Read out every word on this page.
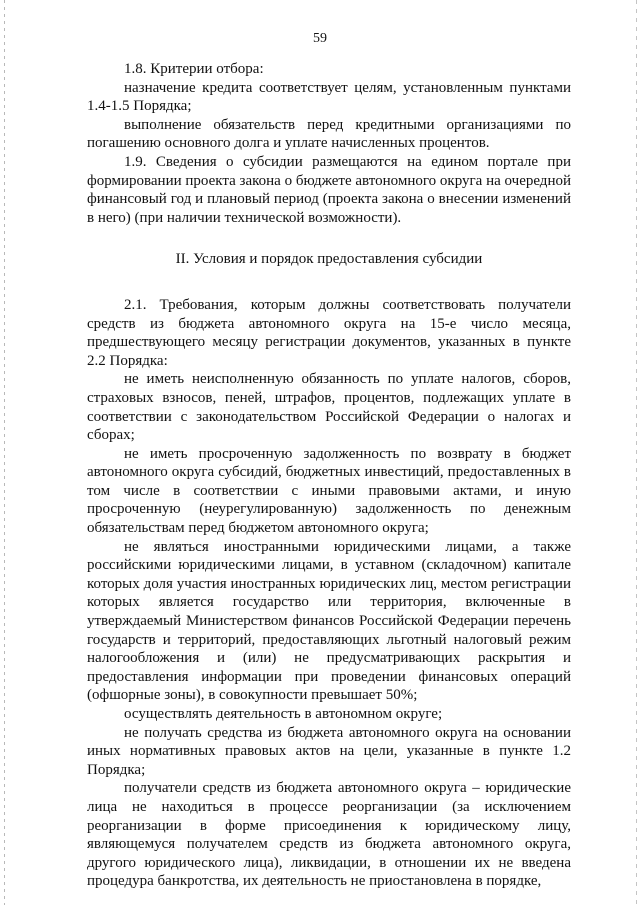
59

1.8. Критерии отбора:

назначение кредита соответствует целям, установленным пунктами 1.4-1.5 Порядка;

выполнение обязательств перед кредитными организациями по погашению основного долга и уплате начисленных процентов.

1.9. Сведения о субсидии размещаются на едином портале при формировании проекта закона о бюджете автономного округа на очередной финансовый год и плановый период (проекта закона о внесении изменений в него) (при наличии технической возможности).

II. Условия и порядок предоставления субсидии

2.1. Требования, которым должны соответствовать получатели средств из бюджета автономного округа на 15-е число месяца, предшествующего месяцу регистрации документов, указанных в пункте 2.2 Порядка:

не иметь неисполненную обязанность по уплате налогов, сборов, страховых взносов, пеней, штрафов, процентов, подлежащих уплате в соответствии с законодательством Российской Федерации о налогах и сборах;

не иметь просроченную задолженность по возврату в бюджет автономного округа субсидий, бюджетных инвестиций, предоставленных в том числе в соответствии с иными правовыми актами, и иную просроченную (неурегулированную) задолженность по денежным обязательствам перед бюджетом автономного округа;

не являться иностранными юридическими лицами, а также российскими юридическими лицами, в уставном (складочном) капитале которых доля участия иностранных юридических лиц, местом регистрации которых является государство или территория, включенные в утверждаемый Министерством финансов Российской Федерации перечень государств и территорий, предоставляющих льготный налоговый режим налогообложения и (или) не предусматривающих раскрытия и предоставления информации при проведении финансовых операций (офшорные зоны), в совокупности превышает 50%;

осуществлять деятельность в автономном округе;

не получать средства из бюджета автономного округа на основании иных нормативных правовых актов на цели, указанные в пункте 1.2 Порядка;

получатели средств из бюджета автономного округа – юридические лица не находиться в процессе реорганизации (за исключением реорганизации в форме присоединения к юридическому лицу, являющемуся получателем средств из бюджета автономного округа, другого юридического лица), ликвидации, в отношении их не введена процедура банкротства, их деятельность не приостановлена в порядке,
